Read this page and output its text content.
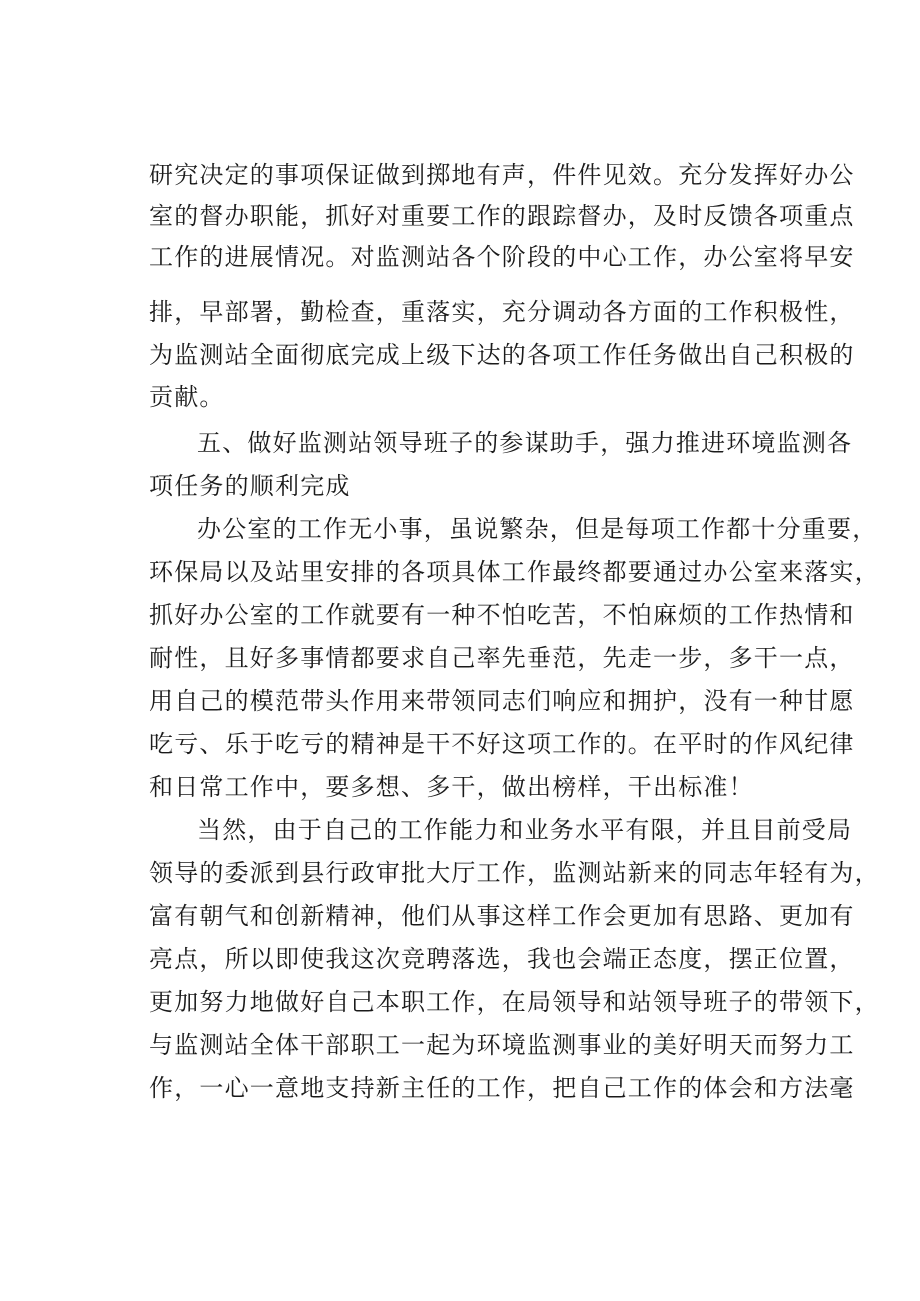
研究决定的事项保证做到掷地有声，件件见效。充分发挥好办公
室的督办职能，抓好对重要工作的跟踪督办，及时反馈各项重点
工作的进展情况。对监测站各个阶段的中心工作，办公室将早安
排，早部署，勤检查，重落实，充分调动各方面的工作积极性，
为监测站全面彻底完成上级下达的各项工作任务做出自己积极的
贡献。
五、做好监测站领导班子的参谋助手，强力推进环境监测各
项任务的顺利完成
办公室的工作无小事，虽说繁杂，但是每项工作都十分重要，
环保局以及站里安排的各项具体工作最终都要通过办公室来落实，
抓好办公室的工作就要有一种不怕吃苦，不怕麻烦的工作热情和
耐性，且好多事情都要求自己率先垂范，先走一步，多干一点，
用自己的模范带头作用来带领同志们响应和拥护，没有一种甘愿
吃亏、乐于吃亏的精神是干不好这项工作的。在平时的作风纪律
和日常工作中，要多想、多干，做出榜样，干出标准！
当然，由于自己的工作能力和业务水平有限，并且目前受局
领导的委派到县行政审批大厅工作，监测站新来的同志年轻有为，
富有朝气和创新精神，他们从事这样工作会更加有思路、更加有
亮点，所以即使我这次竞聘落选，我也会端正态度，摆正位置，
更加努力地做好自己本职工作，在局领导和站领导班子的带领下，
与监测站全体干部职工一起为环境监测事业的美好明天而努力工
作，一心一意地支持新主任的工作，把自己工作的体会和方法毫
